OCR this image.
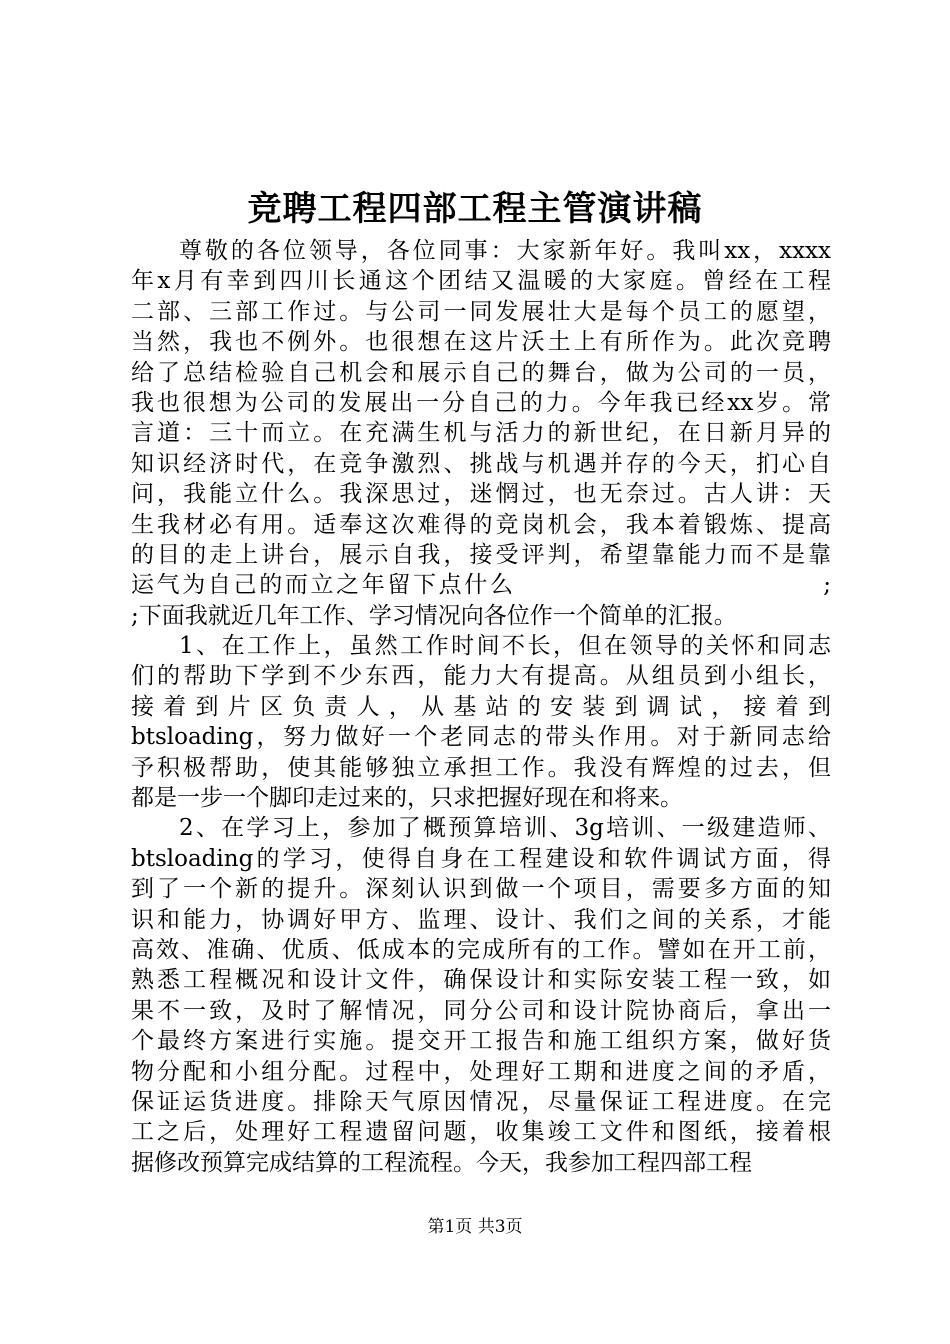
竞聘工程四部工程主管演讲稿
尊敬的各位领导，各位同事：大家新年好。我叫xx，xxxx
年x月有幸到四川长通这个团结又温暖的大家庭。曾经在工程
二部、三部工作过。与公司一同发展壮大是每个员工的愿望，
当然，我也不例外。也很想在这片沃土上有所作为。此次竞聘
给了总结检验自己机会和展示自己的舞台，做为公司的一员，
我也很想为公司的发展出一分自己的力。今年我已经xx岁。常
言道：三十而立。在充满生机与活力的新世纪，在日新月异的
知识经济时代，在竞争激烈、挑战与机遇并存的今天，扪心自
问，我能立什么。我深思过，迷惘过，也无奈过。古人讲：天
生我材必有用。适奉这次难得的竞岗机会，我本着锻炼、提高
的目的走上讲台，展示自我，接受评判，希望靠能力而不是靠
运气为自己的而立之年留下点什么　　　　　　　　　　　　;
;下面我就近几年工作、学习情况向各位作一个简单的汇报。
1、在工作上，虽然工作时间不长，但在领导的关怀和同志
们的帮助下学到不少东西，能力大有提高。从组员到小组长，
接着到片区负责人，从基站的安装到调试，接着到
btsloading，努力做好一个老同志的带头作用。对于新同志给
予积极帮助，使其能够独立承担工作。我没有辉煌的过去，但
都是一步一个脚印走过来的，只求把握好现在和将来。
2、在学习上，参加了概预算培训、3g培训、一级建造师、
btsloading的学习，使得自身在工程建设和软件调试方面，得
到了一个新的提升。深刻认识到做一个项目，需要多方面的知
识和能力，协调好甲方、监理、设计、我们之间的关系，才能
高效、准确、优质、低成本的完成所有的工作。譬如在开工前，
熟悉工程概况和设计文件，确保设计和实际安装工程一致，如
果不一致，及时了解情况，同分公司和设计院协商后，拿出一
个最终方案进行实施。提交开工报告和施工组织方案，做好货
物分配和小组分配。过程中，处理好工期和进度之间的矛盾，
保证运货进度。排除天气原因情况，尽量保证工程进度。在完
工之后，处理好工程遗留问题，收集竣工文件和图纸，接着根
据修改预算完成结算的工程流程。今天，我参加工程四部工程
第1页 共3页
